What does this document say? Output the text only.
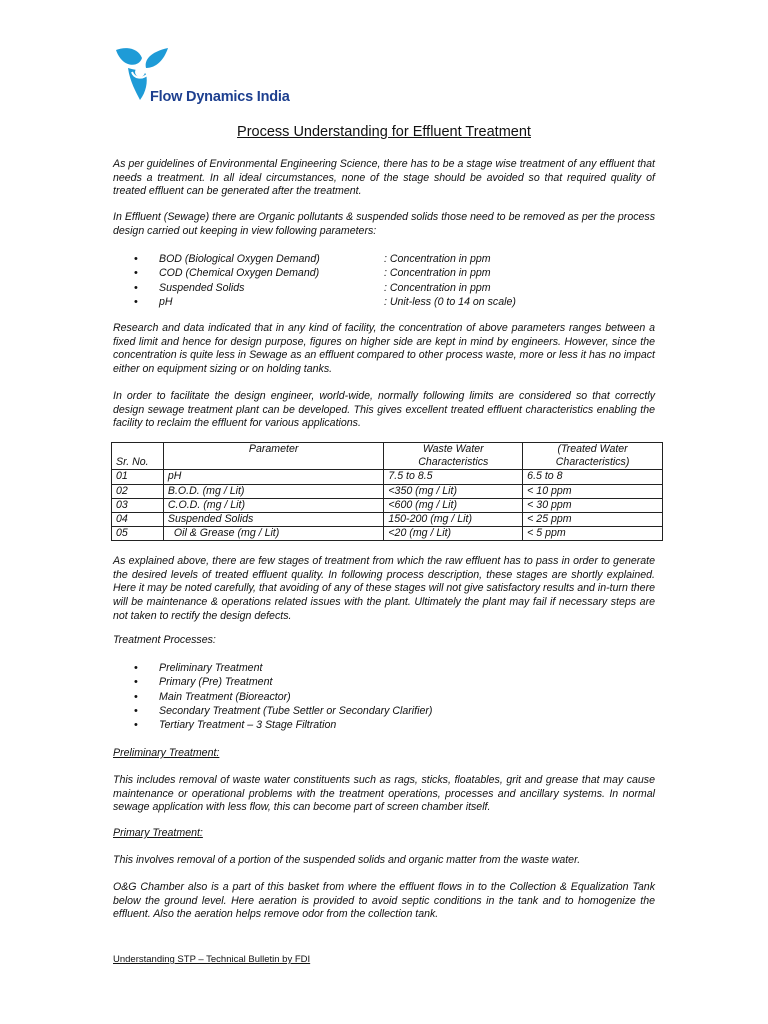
Flow Dynamics India
Process Understanding for Effluent Treatment
As per guidelines of Environmental Engineering Science, there has to be a stage wise treatment of any effluent that needs a treatment. In all ideal circumstances, none of the stage should be avoided so that required quality of treated effluent can be generated after the treatment.
In Effluent (Sewage) there are Organic pollutants & suspended solids those need to be removed as per the process design carried out keeping in view following parameters:
• BOD (Biological Oxygen Demand)	: Concentration in ppm
• COD (Chemical Oxygen Demand)	: Concentration in ppm
• Suspended Solids	: Concentration in ppm
• pH	: Unit-less (0 to 14 on scale)
Research and data indicated that in any kind of facility, the concentration of above parameters ranges between a fixed limit and hence for design purpose, figures on higher side are kept in mind by engineers. However, since the concentration is quite less in Sewage as an effluent compared to other process waste, more or less it has no impact either on equipment sizing or on holding tanks.
In order to facilitate the design engineer, world-wide, normally following limits are considered so that correctly design sewage treatment plant can be developed. This gives excellent treated effluent characteristics enabling the facility to reclaim the effluent for various applications.
Sr. No.	Parameter	Waste Water Characteristics	(Treated Water Characteristics)
01	pH	7.5 to 8.5	6.5 to 8
02	B.O.D. (mg / Lit)	<350 (mg / Lit)	< 10 ppm
03	C.O.D. (mg / Lit)	<600 (mg / Lit)	< 30 ppm
04	Suspended Solids	150-200 (mg / Lit)	< 25 ppm
05	Oil & Grease (mg / Lit)	<20 (mg / Lit)	< 5 ppm
As explained above, there are few stages of treatment from which the raw effluent has to pass in order to generate the desired levels of treated effluent quality. In following process description, these stages are shortly explained. Here it may be noted carefully, that avoiding of any of these stages will not give satisfactory results and in-turn there will be maintenance & operations related issues with the plant. Ultimately the plant may fail if necessary steps are not taken to rectify the design defects.
Treatment Processes:
• Preliminary Treatment
• Primary (Pre) Treatment
• Main Treatment (Bioreactor)
• Secondary Treatment (Tube Settler or Secondary Clarifier)
• Tertiary Treatment – 3 Stage Filtration
Preliminary Treatment:
This includes removal of waste water constituents such as rags, sticks, floatables, grit and grease that may cause maintenance or operational problems with the treatment operations, processes and ancillary systems. In normal sewage application with less flow, this can become part of screen chamber itself.
Primary Treatment:
This involves removal of a portion of the suspended solids and organic matter from the waste water.
O&G Chamber also is a part of this basket from where the effluent flows in to the Collection & Equalization Tank below the ground level. Here aeration is provided to avoid septic conditions in the tank and to homogenize the effluent. Also the aeration helps remove odor from the collection tank.
Understanding STP – Technical Bulletin by FDI
